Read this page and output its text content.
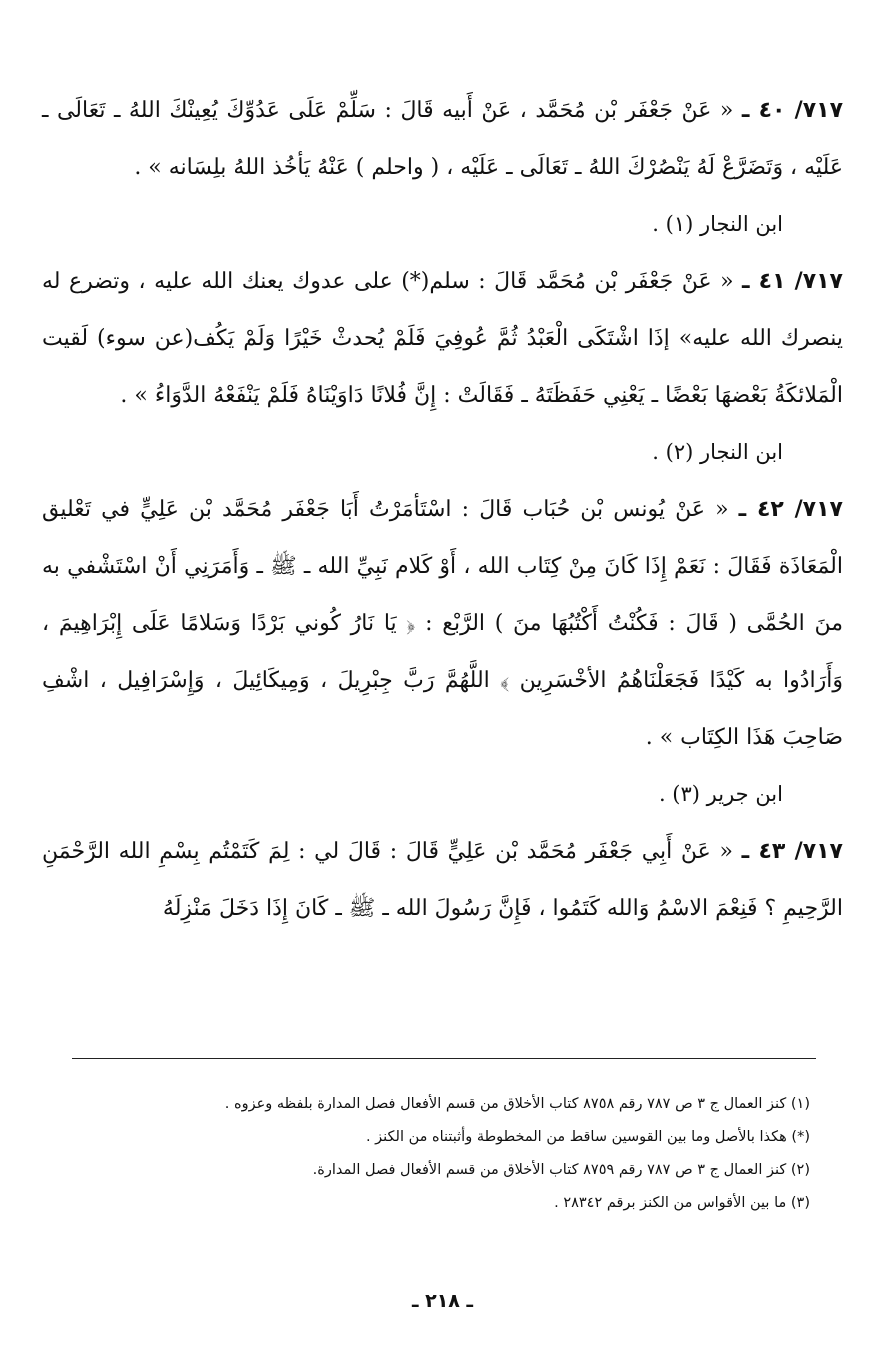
٧١٧/ ٤٠ ـ « عَنْ جَعْفَر بْن مُحَمَّد ، عَنْ أَبيه قَالَ : سَلِّمْ عَلَى عَدُوِّكَ يُعِينْكَ اللهُ ـ تَعَالَى ـ عَلَيْه ، وَتَضَرَّعْ لَهُ يَنْصُرْكَ اللهُ ـ تَعَالَى ـ عَلَيْه ، ( واحلم ) عَنْهُ يَأخُذ اللهُ بلِسَانه » .

ابن النجار (١) .

٧١٧/ ٤١ ـ « عَنْ جَعْفَر بْن مُحَمَّد قَالَ : سلم(*) على عدوك يعنك الله عليه ، وتضرع له ينصرك الله عليه» إذَا اشْتَكَى الْعَبْدُ ثُمَّ عُوفِيَ فَلَمْ يُحدثْ خَيْرًا وَلَمْ يَكُف(عن سوء) لَقيت الْمَلائكَةُ بَعْضهَا بَعْضًا ـ يَعْنِي حَفَظَتَهُ ـ فَقَالَتْ : إِنَّ فُلانًا دَاوَيْنَاهُ فَلَمْ يَنْفَعْهُ الدَّوَاءُ » .

ابن النجار (٢) .

٧١٧/ ٤٢ ـ « عَنْ يُونس بْن حُبَاب قَالَ : اسْتَأمَرْتُ أَبَا جَعْفَر مُحَمَّد بْن عَلِيٍّ في تَعْليق الْمَعَاذَة فَقَالَ : نَعَمْ إِذَا كَانَ مِنْ كِتَاب الله ، أَوْ كَلام نَبِيِّ الله ـ ﷺ ـ وَأَمَرَنِي أَنْ اسْتَشْفي به منَ الحُمَّى ( قَالَ : فَكُنْتُ أَكْتُبُهَا منَ ) الرَّبْع : ﴿ يَا نَارُ كُوني بَرْدًا وَسَلامًا عَلَى إِبْرَاهِيمَ ، وَأَرَادُوا به كَيْدًا فَجَعَلْنَاهُمُ الأخْسَرِين ﴾ اللَّهُمَّ رَبَّ جِبْرِيلَ ، وَمِيكَائِيلَ ، وَإِسْرَافِيل ، اشْفِ صَاحِبَ هَذَا الكِتَاب » .

ابن جرير (٣) .

٧١٧/ ٤٣ ـ « عَنْ أَبِي جَعْفَر مُحَمَّد بْن عَلِيٍّ قَالَ : قَالَ لي : لِمَ كَتَمْتُم بِسْمِ الله الرَّحْمَنِ الرَّحِيمِ ؟ فَنِعْمَ الاسْمُ وَالله كَتَمُوا ، فَإِنَّ رَسُولَ الله ـ ﷺ ـ كَانَ إِذَا دَخَلَ مَنْزِلَهُ

(١) كنز العمال ج ٣ ص ٧٨٧ رقم ٨٧٥٨ كتاب الأخلاق من قسم الأفعال فصل المدارة بلفظه وعزوه .

(*) هكذا بالأصل وما بين القوسين ساقط من المخطوطة وأثبتناه من الكنز .

(٢) كنز العمال ج ٣ ص ٧٨٧ رقم ٨٧٥٩ كتاب الأخلاق من قسم الأفعال فصل المدارة.

(٣) ما بين الأقواس من الكنز برقم ٢٨٣٤٢ .

ـ ٢١٨ ـ
